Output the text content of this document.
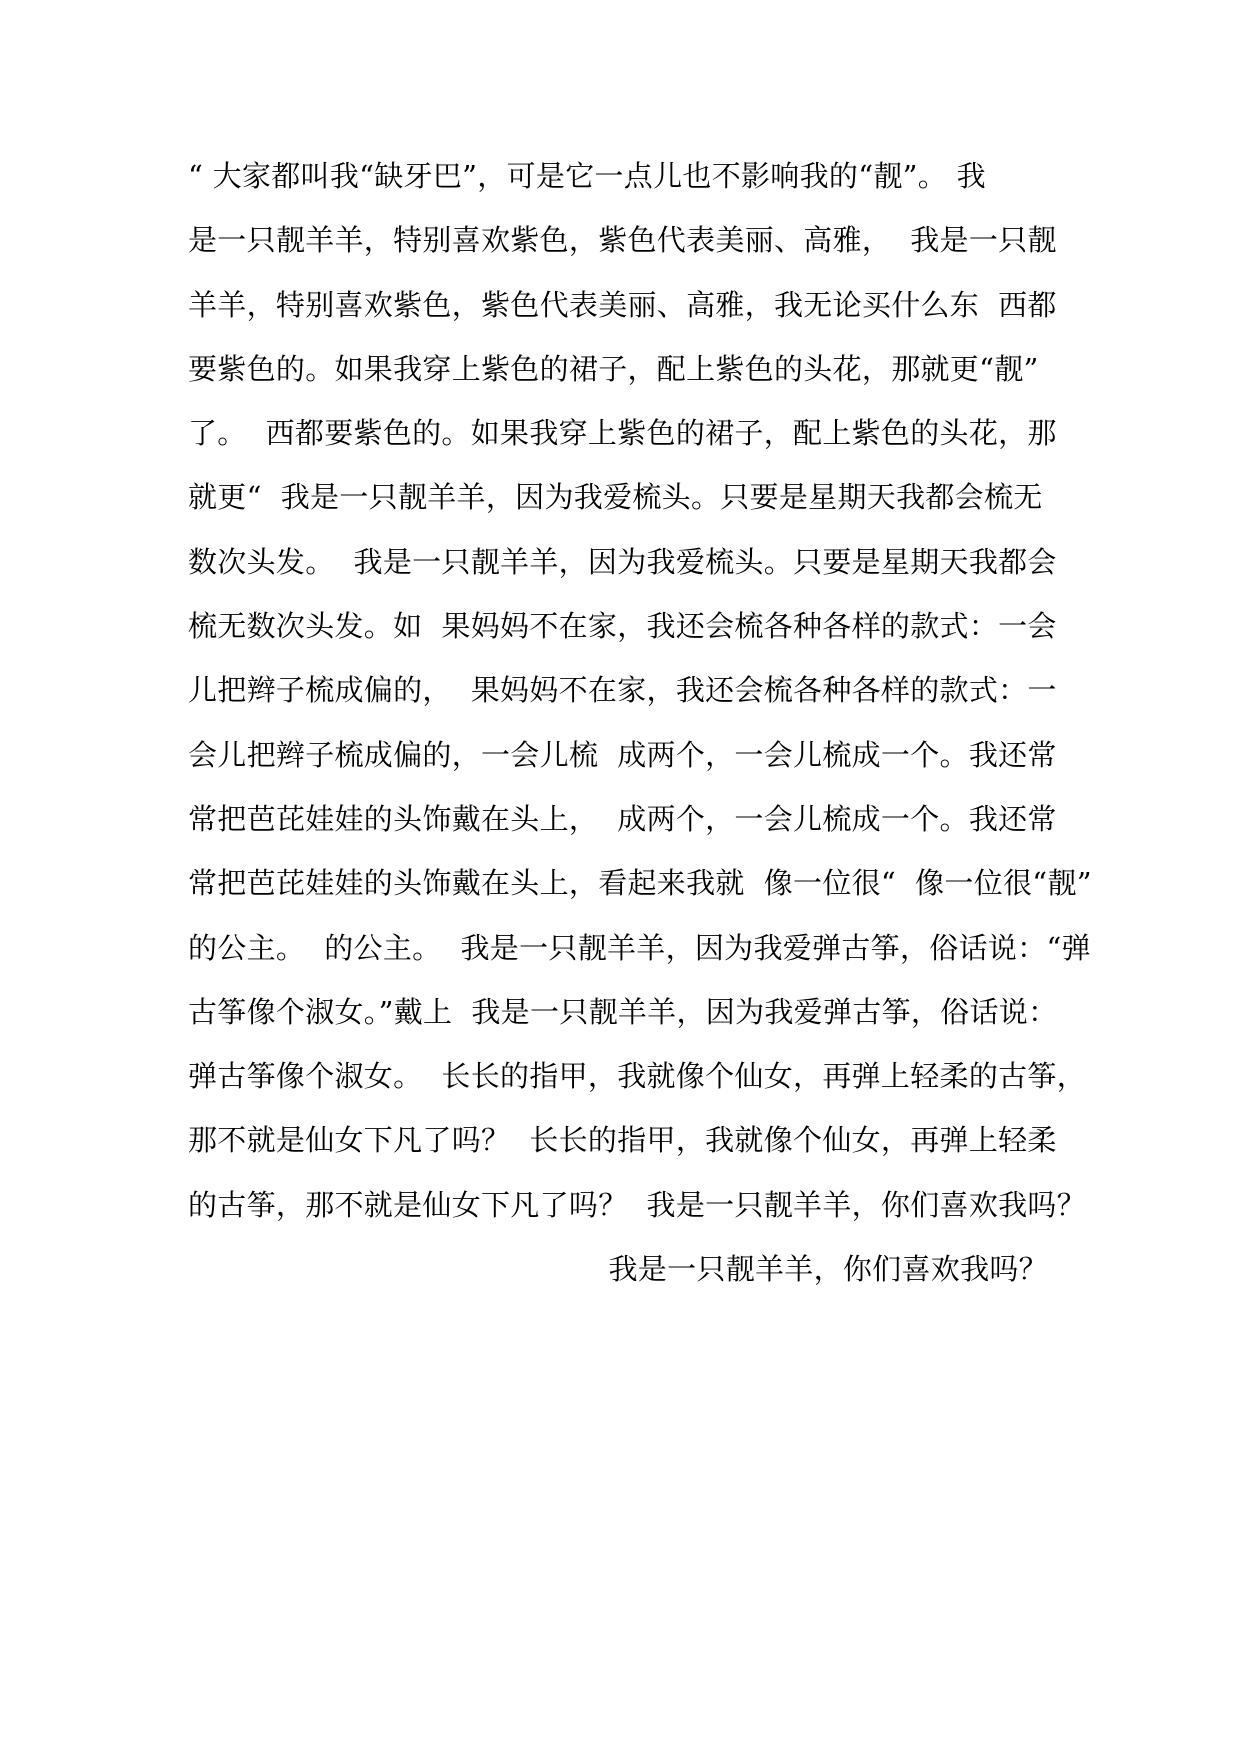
“ 大家都叫我“缺牙巴”，可是它一点儿也不影响我的“靓”。 我
是一只靓羊羊，特别喜欢紫色，紫色代表美丽、高雅，  我是一只靓
羊羊，特别喜欢紫色，紫色代表美丽、高雅，我无论买什么东  西都
要紫色的。如果我穿上紫色的裙子，配上紫色的头花，那就更“靓”
了。  西都要紫色的。如果我穿上紫色的裙子，配上紫色的头花，那
就更“  我是一只靓羊羊，因为我爱梳头。只要是星期天我都会梳无
数次头发。  我是一只靓羊羊，因为我爱梳头。只要是星期天我都会
梳无数次头发。如  果妈妈不在家，我还会梳各种各样的款式：一会
儿把辫子梳成偏的，  果妈妈不在家，我还会梳各种各样的款式：一
会儿把辫子梳成偏的，一会儿梳  成两个，一会儿梳成一个。我还常
常把芭芘娃娃的头饰戴在头上，  成两个，一会儿梳成一个。我还常
常把芭芘娃娃的头饰戴在头上，看起来我就  像一位很“  像一位很“靓”
的公主。  的公主。  我是一只靓羊羊，因为我爱弹古筝，俗话说：“弹
古筝像个淑女。”戴上  我是一只靓羊羊，因为我爱弹古筝，俗话说：
弹古筝像个淑女。  长长的指甲，我就像个仙女，再弹上轻柔的古筝，
那不就是仙女下凡了吗？  长长的指甲，我就像个仙女，再弹上轻柔
的古筝，那不就是仙女下凡了吗？  我是一只靓羊羊，你们喜欢我吗？
我是一只靓羊羊，你们喜欢我吗？
